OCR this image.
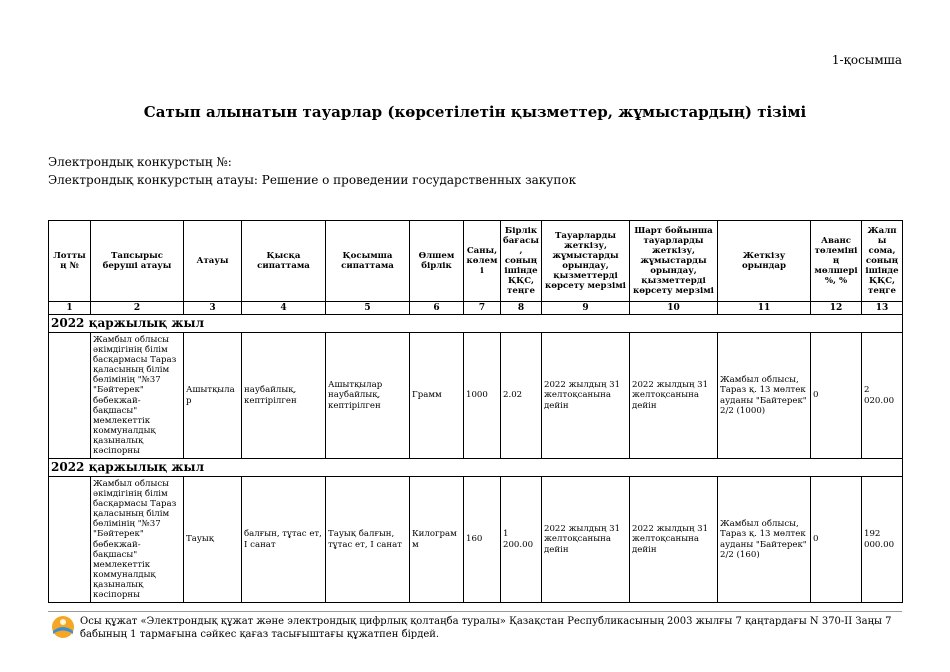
1-қосымша
Сатып алынатын тауарлар (көрсетілетін қызметтер, жұмыстардың) тізімі
Электрондық конкурстың №:
Электрондық конкурстың атауы: Решение о проведении государственных закупок
Лоттың №	Тапсырыс беруші атауы	Атауы	Қысқа сипаттама	Қосымша сипаттама	Өлшем бірлік	Саны, көлемі	Бірлік бағасы, соның ішінде ҚҚС, теңге	Тауарларды жеткізу, жұмыстарды орындау, қызметтерді көрсету мерзімі	Шарт бойынша тауарларды жеткізу, жұмыстарды орындау, қызметтерді көрсету мерзімі	Жеткізу орындар	Аванс төлемінің мөлшері %, %	Жалпы сома, соның ішінде ҚҚС, теңге
1	2	3	4	5	6	7	8	9	10	11	12	13
2022 қаржылық жыл												
	Жамбыл облысы әкімдігінің білім басқармасы Тараз қаласының білім бөлімінің "№37 "Бәйтерек" бөбекжай-бақшасы" мемлекеттік коммуналдық қазыналық кәсіпорны	Ашытқылар	наубайлық, кептірілген	Ашытқылар наубайлық, кептірілген	Грамм	1000	2.02	2022 жылдың 31 желтоқсанына дейін	2022 жылдың 31 желтоқсанына дейін	Жамбыл облысы, Тараз қ. 13 мөлтек ауданы "Байтерек" 2/2 (1000)	0	2 020.00
2022 қаржылық жыл												
	Жамбыл облысы әкімдігінің білім басқармасы Тараз қаласының білім бөлімінің "№37 "Бәйтерек" бөбекжай-бақшасы" мемлекеттік коммуналдық қазыналық кәсіпорны	Тауық	балғын, тұтас ет, I санат	Тауық балғын, тұтас ет, I санат	Килограмм	160	1 200.00	2022 жылдың 31 желтоқсанына дейін	2022 жылдың 31 желтоқсанына дейін	Жамбыл облысы, Тараз қ. 13 мөлтек ауданы "Байтерек" 2/2 (160)	0	192 000.00
Осы құжат «Электрондық құжат және электрондық цифрлық қолтаңба туралы» Қазақстан Республикасының 2003 жылғы 7 қаңтардағы N 370-II Заңы 7 бабының 1 тармағына сәйкес қағаз тасығыштағы құжатпен бірдей.
